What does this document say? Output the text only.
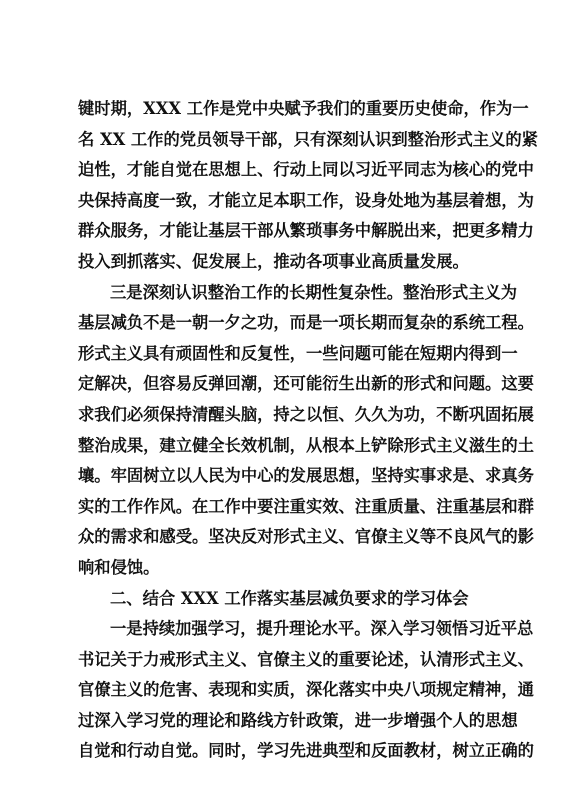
键时期，XXX 工作是党中央赋予我们的重要历史使命，作为一
名 XX 工作的党员领导干部，只有深刻认识到整治形式主义的紧
迫性，才能自觉在思想上、行动上同以习近平同志为核心的党中
央保持高度一致，才能立足本职工作，设身处地为基层着想，为
群众服务，才能让基层干部从繁琐事务中解脱出来，把更多精力
投入到抓落实、促发展上，推动各项事业高质量发展。
三是深刻认识整治工作的长期性复杂性。整治形式主义为
基层减负不是一朝一夕之功，而是一项长期而复杂的系统工程。
形式主义具有顽固性和反复性，一些问题可能在短期内得到一
定解决，但容易反弹回潮，还可能衍生出新的形式和问题。这要
求我们必须保持清醒头脑，持之以恒、久久为功，不断巩固拓展
整治成果，建立健全长效机制，从根本上铲除形式主义滋生的土
壤。牢固树立以人民为中心的发展思想，坚持实事求是、求真务
实的工作作风。在工作中要注重实效、注重质量、注重基层和群
众的需求和感受。坚决反对形式主义、官僚主义等不良风气的影
响和侵蚀。
二、结合 XXX 工作落实基层减负要求的学习体会
一是持续加强学习，提升理论水平。深入学习领悟习近平总
书记关于力戒形式主义、官僚主义的重要论述，认清形式主义、
官僚主义的危害、表现和实质，深化落实中央八项规定精神，通
过深入学习党的理论和路线方针政策，进一步增强个人的思想
自觉和行动自觉。同时，学习先进典型和反面教材，树立正确的
